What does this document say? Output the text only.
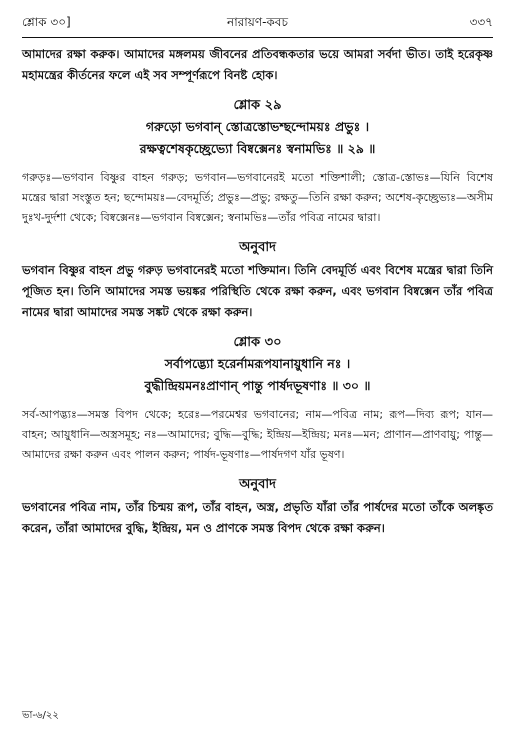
শ্লোক ৩০]	নারায়ণ-কবচ	৩৩৭

আমাদের রক্ষা করুক। আমাদের মঙ্গলময় জীবনের প্রতিবন্ধকতার ভয়ে আমরা সর্বদা ভীত। তাই হরেকৃষ্ণ মহামন্ত্রের কীর্তনের ফলে এই সব সম্পূর্ণরূপে বিনষ্ট হোক।

শ্লোক ২৯
গরুড়ো ভগবান্ স্তোত্রস্তোভশ্ছন্দোময়ঃ প্রভুঃ ।
রক্ষত্বশেষকৃচ্ছ্রেভ্যো বিষ্বক্সেনঃ স্বনামভিঃ ॥ ২৯ ॥

গরুড়ঃ—ভগবান বিষ্ণুর বাহন গরুড়; ভগবান—ভগবানেরই মতো শক্তিশালী; স্তোত্র-স্তোভঃ—যিনি বিশেষ মন্ত্রের দ্বারা সংস্তুত হন; ছন্দোময়ঃ—বেদমূর্তি; প্রভুঃ—প্রভু; রক্ষতু—তিনি রক্ষা করুন; অশেষ-কৃচ্ছ্রেভ্যঃ—অসীম দুঃখ-দুর্দশা থেকে; বিষ্বক্সেনঃ—ভগবান বিষ্বক্সেন; স্বনামভিঃ—তাঁর পবিত্র নামের দ্বারা।

অনুবাদ

ভগবান বিষ্ণুর বাহন প্রভু গরুড় ভগবানেরই মতো শক্তিমান। তিনি বেদমূর্তি এবং বিশেষ মন্ত্রের দ্বারা তিনি পূজিত হন। তিনি আমাদের সমস্ত ভয়ঙ্কর পরিস্থিতি থেকে রক্ষা করুন, এবং ভগবান বিষ্বক্সেন তাঁর পবিত্র নামের দ্বারা আমাদের সমস্ত সঙ্কট থেকে রক্ষা করুন।

শ্লোক ৩০
সর্বাপদ্ভ্যো হরের্নামরূপযানায়ুধানি নঃ ।
বুদ্ধীন্দ্রিয়মনঃপ্রাণান্ পান্তু পার্ষদভূষণাঃ ॥ ৩০ ॥

সর্ব-আপদ্ভ্যঃ—সমস্ত বিপদ থেকে; হরেঃ—পরমেশ্বর ভগবানের; নাম—পবিত্র নাম; রূপ—দিব্য রূপ; যান—বাহন; আয়ুধানি—অস্ত্রসমূহ; নঃ—আমাদের; বুদ্ধি—বুদ্ধি; ইন্দ্রিয়—ইন্দ্রিয়; মনঃ—মন; প্রাণান—প্রাণবায়ু; পান্তু—আমাদের রক্ষা করুন এবং পালন করুন; পার্ষদ-ভূষণাঃ—পার্ষদগণ যাঁর ভূষণ।

অনুবাদ

ভগবানের পবিত্র নাম, তাঁর চিন্ময় রূপ, তাঁর বাহন, অস্ত্র, প্রভৃতি যাঁরা তাঁর পার্ষদের মতো তাঁকে অলঙ্কৃত করেন, তাঁরা আমাদের বুদ্ধি, ইন্দ্রিয়, মন ও প্রাণকে সমস্ত বিপদ থেকে রক্ষা করুন।

ভা-৬/২২
